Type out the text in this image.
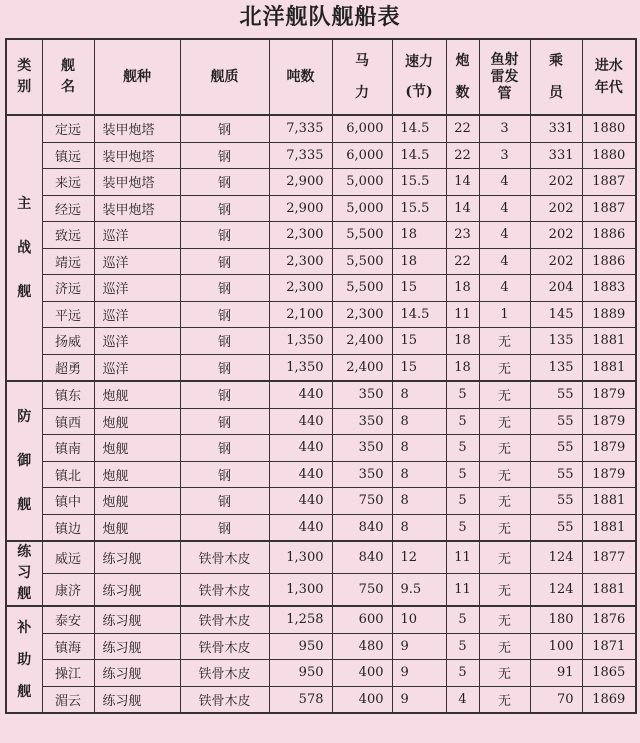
北洋舰队舰船表
类别	舰名	舰种	舰质	吨数	马力	速力(节)	炮数	鱼射雷发管	乘员	进水年代
主战舰	定远	装甲炮塔	钢	7,335	6,000	14.5	22	3	331	1880
	镇远	装甲炮塔	钢	7,335	6,000	14.5	22	3	331	1880
	来远	装甲炮塔	钢	2,900	5,000	15.5	14	4	202	1887
	经远	装甲炮塔	钢	2,900	5,000	15.5	14	4	202	1887
	致远	巡洋	钢	2,300	5,500	18	23	4	202	1886
	靖远	巡洋	钢	2,300	5,500	18	22	4	202	1886
	济远	巡洋	钢	2,300	5,500	15	18	4	204	1883
	平远	巡洋	钢	2,100	2,300	14.5	11	1	145	1889
	扬威	巡洋	钢	1,350	2,400	15	18	无	135	1881
	超勇	巡洋	钢	1,350	2,400	15	18	无	135	1881
防御舰	镇东	炮舰	钢	440	350	8	5	无	55	1879
	镇西	炮舰	钢	440	350	8	5	无	55	1879
	镇南	炮舰	钢	440	350	8	5	无	55	1879
	镇北	炮舰	钢	440	350	8	5	无	55	1879
	镇中	炮舰	钢	440	750	8	5	无	55	1881
	镇边	炮舰	钢	440	840	8	5	无	55	1881
练习舰	威远	练习舰	铁骨木皮	1,300	840	12	11	无	124	1877
	康济	练习舰	铁骨木皮	1,300	750	9.5	11	无	124	1881
补助舰	泰安	练习舰	铁骨木皮	1,258	600	10	5	无	180	1876
	镇海	练习舰	铁骨木皮	950	480	9	5	无	100	1871
	操江	练习舰	铁骨木皮	950	400	9	5	无	91	1865
	湄云	练习舰	铁骨木皮	578	400	9	4	无	70	1869
